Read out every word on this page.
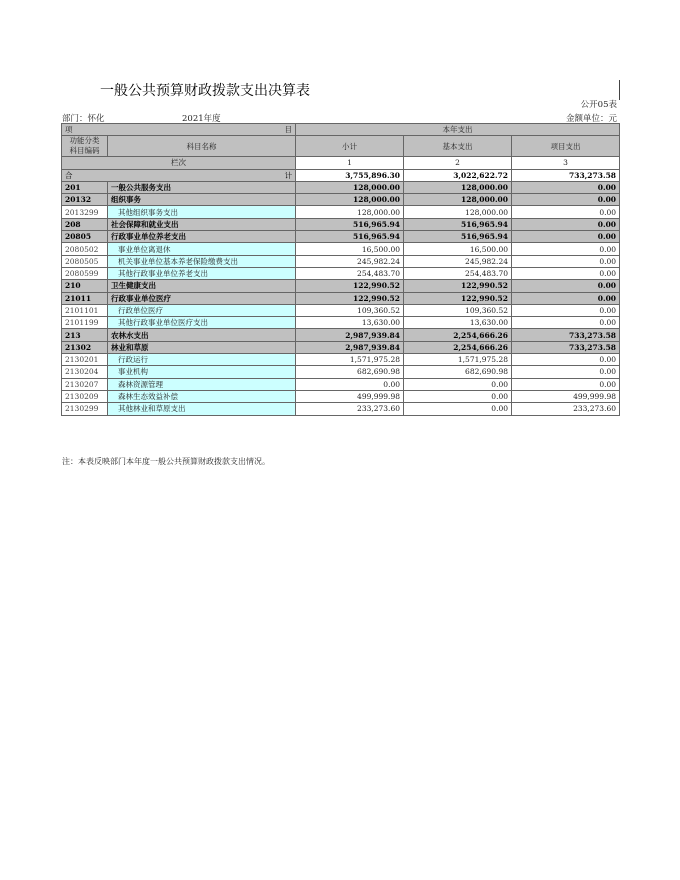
一般公共预算财政拨款支出决算表
公开05表
部门：怀化	2021年度	金额单位：元
项 目		本年支出		
功能分类
科目编码	科目名称	小计	基本支出	项目支出
栏次		1	2	3
合 计		3,755,896.30	3,022,622.72	733,273.58
201	一般公共服务支出	128,000.00	128,000.00	0.00
20132	组织事务	128,000.00	128,000.00	0.00
2013299	其他组织事务支出	128,000.00	128,000.00	0.00
208	社会保障和就业支出	516,965.94	516,965.94	0.00
20805	行政事业单位养老支出	516,965.94	516,965.94	0.00
2080502	事业单位离退休	16,500.00	16,500.00	0.00
2080505	机关事业单位基本养老保险缴费支出	245,982.24	245,982.24	0.00
2080599	其他行政事业单位养老支出	254,483.70	254,483.70	0.00
210	卫生健康支出	122,990.52	122,990.52	0.00
21011	行政事业单位医疗	122,990.52	122,990.52	0.00
2101101	行政单位医疗	109,360.52	109,360.52	0.00
2101199	其他行政事业单位医疗支出	13,630.00	13,630.00	0.00
213	农林水支出	2,987,939.84	2,254,666.26	733,273.58
21302	林业和草原	2,987,939.84	2,254,666.26	733,273.58
2130201	行政运行	1,571,975.28	1,571,975.28	0.00
2130204	事业机构	682,690.98	682,690.98	0.00
2130207	森林资源管理	0.00	0.00	0.00
2130209	森林生态效益补偿	499,999.98	0.00	499,999.98
2130299	其他林业和草原支出	233,273.60	0.00	233,273.60
注：本表反映部门本年度一般公共预算财政拨款支出情况。
